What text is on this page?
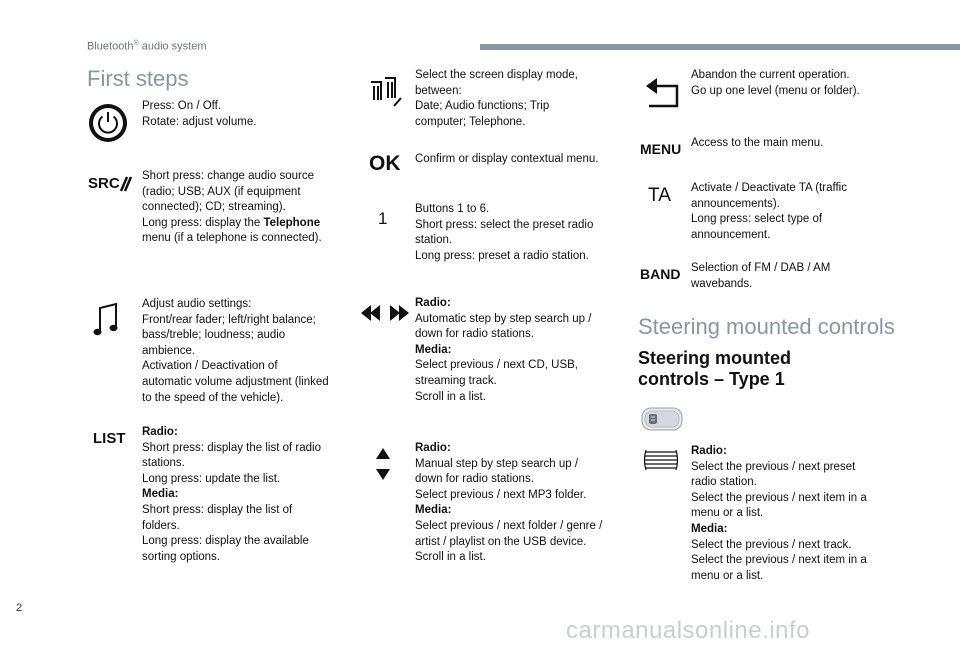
Bluetooth® audio system
First steps
Press: On / Off.
Rotate: adjust volume.
SRC Short press: change audio source
(radio; USB; AUX (if equipment
connected); CD; streaming).
Long press: display the Telephone
menu (if a telephone is connected).
Adjust audio settings:
Front/rear fader; left/right balance;
bass/treble; loudness; audio
ambience.
Activation / Deactivation of
automatic volume adjustment (linked
to the speed of the vehicle).
LIST Radio:
Short press: display the list of radio
stations.
Long press: update the list.
Media:
Short press: display the list of
folders.
Long press: display the available
sorting options.
Select the screen display mode,
between:
Date; Audio functions; Trip
computer; Telephone.
OK Confirm or display contextual menu.
1 Buttons 1 to 6.
Short press: select the preset radio
station.
Long press: preset a radio station.
Radio:
Automatic step by step search up /
down for radio stations.
Media:
Select previous / next CD, USB,
streaming track.
Scroll in a list.
Radio:
Manual step by step search up /
down for radio stations.
Select previous / next MP3 folder.
Media:
Select previous / next folder / genre /
artist / playlist on the USB device.
Scroll in a list.
Abandon the current operation.
Go up one level (menu or folder).
MENU Access to the main menu.
TA Activate / Deactivate TA (traffic
announcements).
Long press: select type of
announcement.
BAND Selection of FM / DAB / AM
wavebands.
Steering mounted controls
Steering mounted controls – Type 1
Radio:
Select the previous / next preset
radio station.
Select the previous / next item in a
menu or a list.
Media:
Select the previous / next track.
Select the previous / next item in a
menu or a list.
2
carmanualsonline.info
